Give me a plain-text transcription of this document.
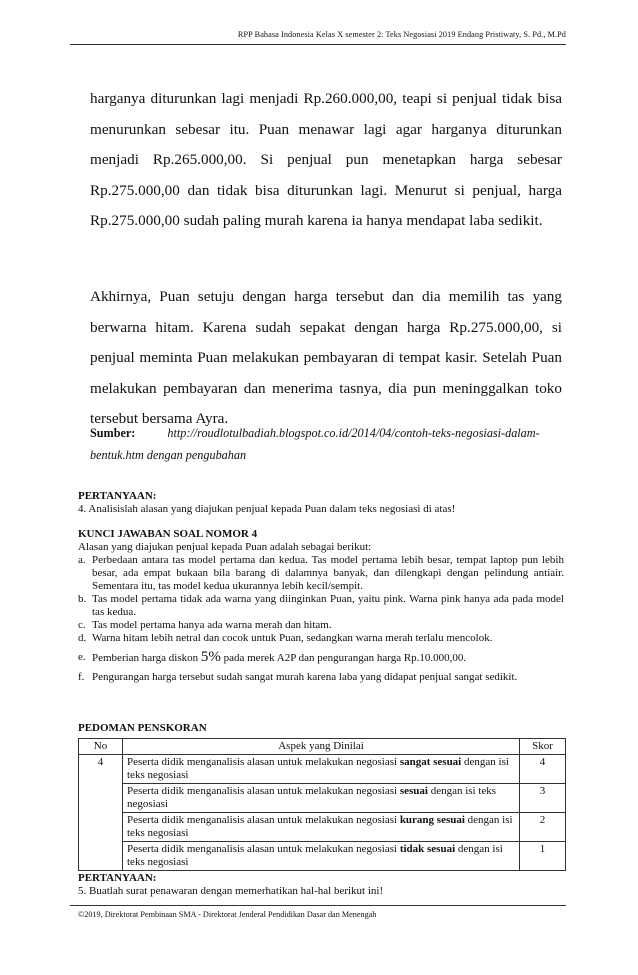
RPP Bahasa Indonesia Kelas X semester 2: Teks Negosiasi 2019 Endang Pristiwaty, S. Pd., M.Pd
harganya diturunkan lagi menjadi Rp.260.000,00, teapi si penjual tidak bisa menurunkan sebesar itu. Puan menawar lagi agar harganya diturunkan menjadi Rp.265.000,00. Si penjual pun menetapkan harga sebesar Rp.275.000,00 dan tidak bisa diturunkan lagi. Menurut si penjual, harga Rp.275.000,00 sudah paling murah karena ia hanya mendapat laba sedikit.
Akhirnya, Puan setuju dengan harga tersebut dan dia memilih tas yang berwarna hitam. Karena sudah sepakat dengan harga Rp.275.000,00, si penjual meminta Puan melakukan pembayaran di tempat kasir. Setelah Puan melakukan pembayaran dan menerima tasnya, dia pun meninggalkan toko tersebut bersama Ayra.
Sumber:	http://roudlotulbadiah.blogspot.co.id/2014/04/contoh-teks-negosiasi-dalam-bentuk.htm dengan pengubahan
PERTANYAAN:
4. Analisislah alasan yang diajukan penjual kepada Puan dalam teks negosiasi di atas!
KUNCI JAWABAN SOAL NOMOR 4
Alasan yang diajukan penjual kepada Puan adalah sebagai berikut:
a. Perbedaan antara tas model pertama dan kedua. Tas model pertama lebih besar, tempat laptop pun lebih besar, ada empat bukaan bila barang di dalamnya banyak, dan dilengkapi dengan pelindung antiair. Sementara itu, tas model kedua ukurannya lebih kecil/sempit.
b. Tas model pertama tidak ada warna yang diinginkan Puan, yaitu pink. Warna pink hanya ada pada model tas kedua.
c. Tas model pertama hanya ada warna merah dan hitam.
d. Warna hitam lebih netral dan cocok untuk Puan, sedangkan warna merah terlalu mencolok.
e. Pemberian harga diskon 5% pada merek A2P dan pengurangan harga Rp.10.000,00.
f. Pengurangan harga tersebut sudah sangat murah karena laba yang didapat penjual sangat sedikit.
PEDOMAN PENSKORAN
No	Aspek yang Dinilai	Skor
4	Peserta didik menganalisis alasan untuk melakukan negosiasi sangat sesuai dengan isi teks negosiasi	4
	Peserta didik menganalisis alasan untuk melakukan negosiasi sesuai dengan isi teks negosiasi	3
	Peserta didik menganalisis alasan untuk melakukan negosiasi kurang sesuai dengan isi teks negosiasi	2
	Peserta didik menganalisis alasan untuk melakukan negosiasi tidak sesuai dengan isi teks negosiasi	1
PERTANYAAN:
5. Buatlah surat penawaran dengan memerhatikan hal-hal berikut ini!
©2019, Direktorat Pembinaan SMA - Direktorat Jenderal Pendidikan Dasar dan Menengah
